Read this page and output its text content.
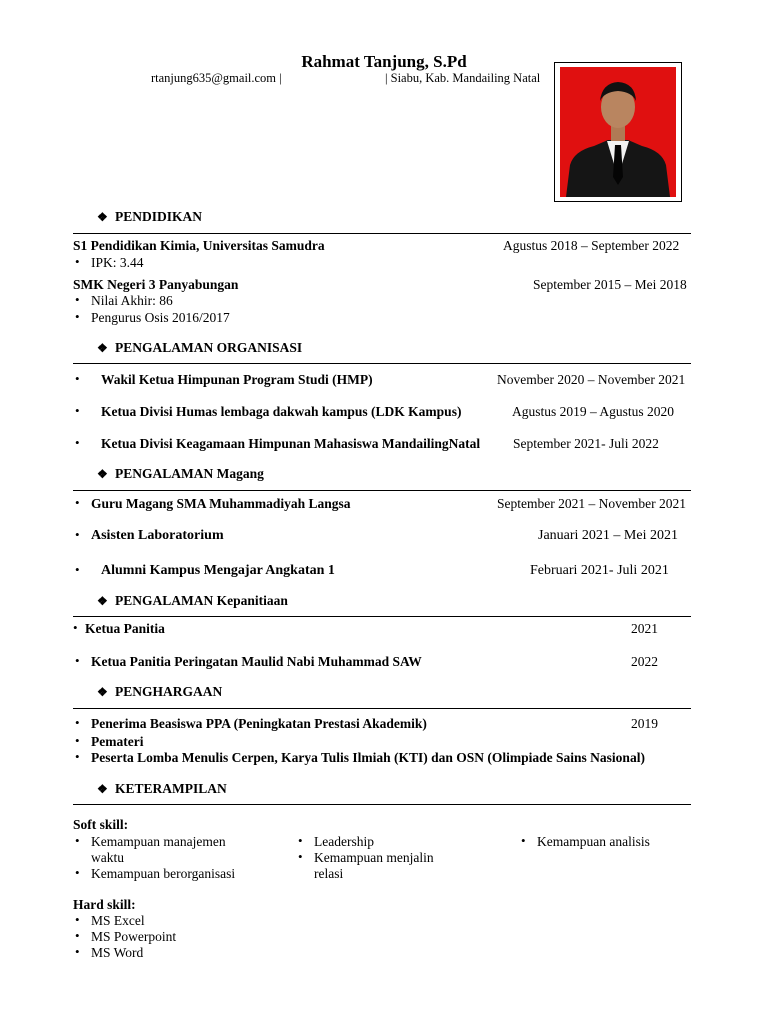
Rahmat Tanjung, S.Pd
rtanjung635@gmail.com |	| Siabu, Kab. Mandailing Natal
❖ PENDIDIKAN
S1 Pendidikan Kimia, Universitas Samudra	Agustus 2018 – September 2022
• IPK: 3.44
SMK Negeri 3 Panyabungan	September 2015 – Mei 2018
• Nilai Akhir: 86
• Pengurus Osis 2016/2017
❖ PENGALAMAN ORGANISASI
• Wakil Ketua Himpunan Program Studi (HMP)	November 2020 – November 2021
• Ketua Divisi Humas lembaga dakwah kampus (LDK Kampus)	Agustus 2019 – Agustus 2020
• Ketua Divisi Keagamaan Himpunan Mahasiswa MandailingNatal September 2021- Juli 2022
❖ PENGALAMAN Magang
• Guru Magang SMA Muhammadiyah Langsa	September 2021 – November 2021
• Asisten Laboratorium	Januari 2021 – Mei 2021
• Alumni Kampus Mengajar Angkatan 1	Februari 2021- Juli 2021
❖ PENGALAMAN Kepanitiaan
• Ketua Panitia	2021
• Ketua Panitia Peringatan Maulid Nabi Muhammad SAW	2022
❖ PENGHARGAAN
• Penerima Beasiswa PPA (Peningkatan Prestasi Akademik)	2019
• Pemateri
• Peserta Lomba Menulis Cerpen, Karya Tulis Ilmiah (KTI) dan OSN (Olimpiade Sains Nasional)
❖ KETERAMPILAN
Soft skill:
• Kemampuan manajemen
waktu
• Kemampuan berorganisasi
• Leadership
• Kemampuan menjalin
relasi
• Kemampuan analisis
Hard skill:
• MS Excel
• MS Powerpoint
• MS Word
